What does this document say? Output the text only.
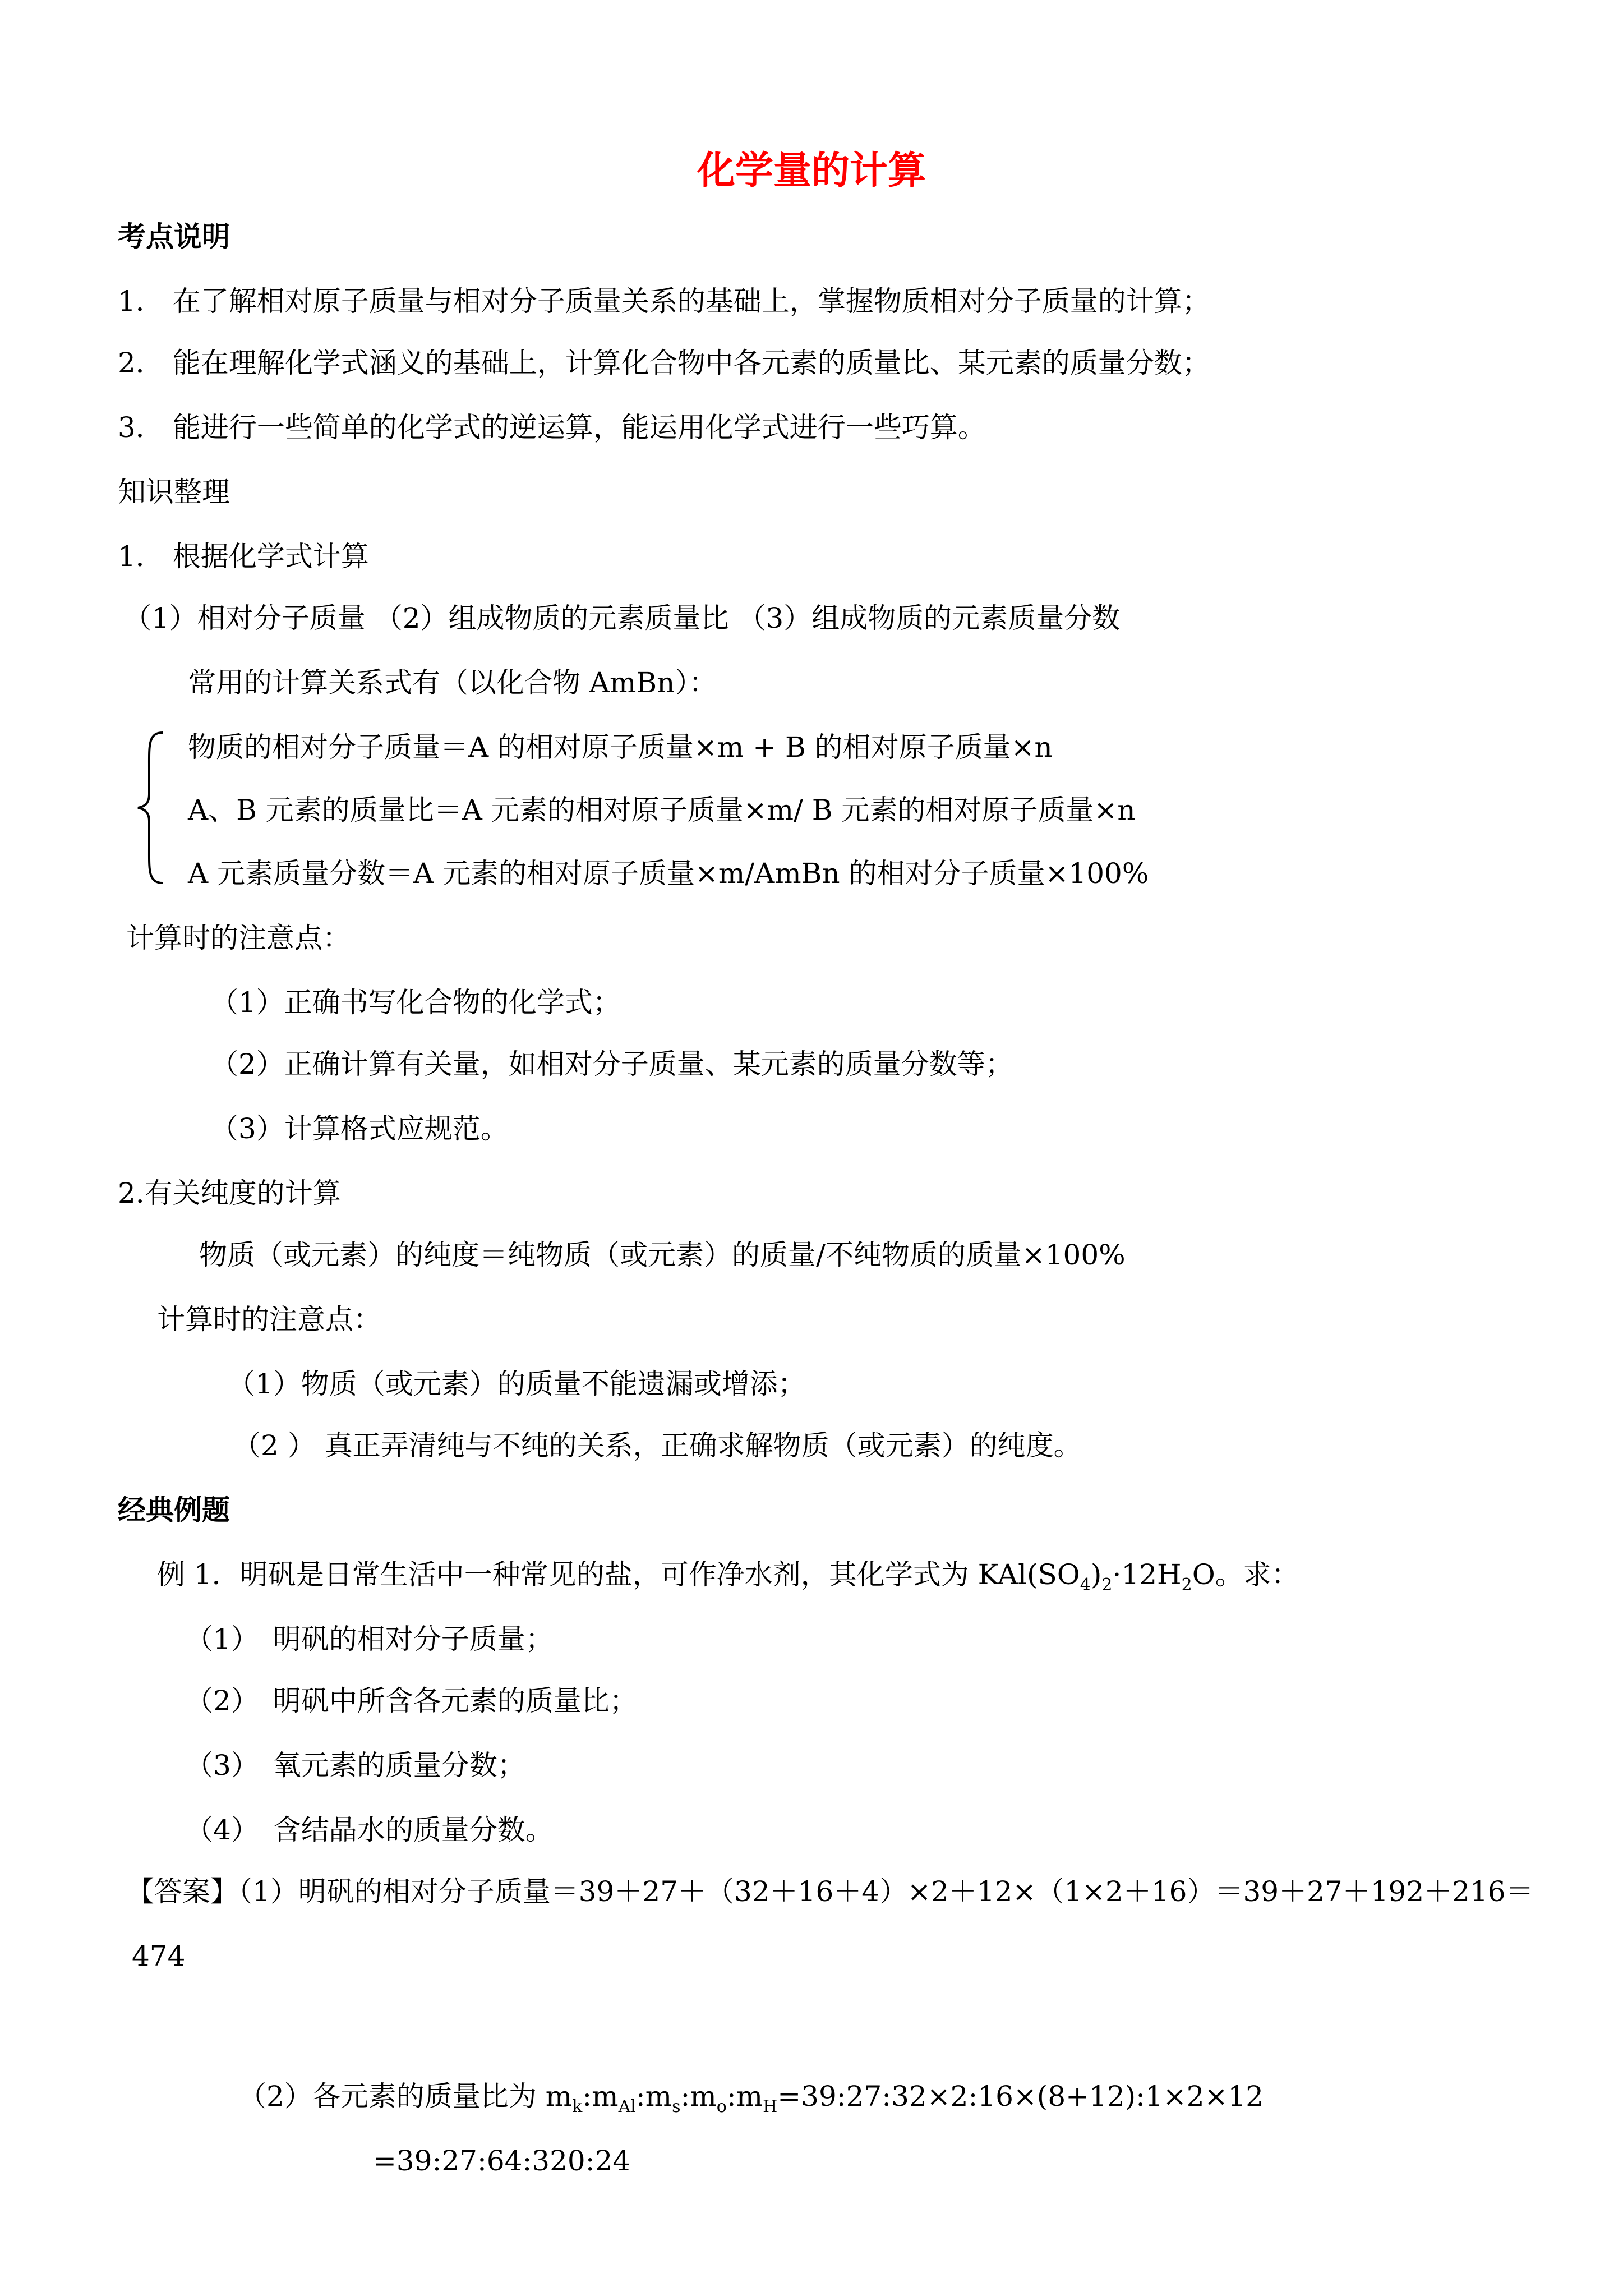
化学量的计算
考点说明
1． 在了解相对原子质量与相对分子质量关系的基础上，掌握物质相对分子质量的计算；
2． 能在理解化学式涵义的基础上，计算化合物中各元素的质量比、某元素的质量分数；
3． 能进行一些简单的化学式的逆运算，能运用化学式进行一些巧算。
知识整理
1． 根据化学式计算
（1）相对分子质量 （2）组成物质的元素质量比 （3）组成物质的元素质量分数
常用的计算关系式有（以化合物 AmBn）：
物质的相对分子质量＝A 的相对原子质量×m + B 的相对原子质量×n
A、B 元素的质量比＝A 元素的相对原子质量×m/ B 元素的相对原子质量×n
A 元素质量分数＝A 元素的相对原子质量×m/AmBn 的相对分子质量×100%
计算时的注意点：
（1）正确书写化合物的化学式；
（2）正确计算有关量，如相对分子质量、某元素的质量分数等；
（3）计算格式应规范。
2.有关纯度的计算
物质（或元素）的纯度＝纯物质（或元素）的质量/不纯物质的质量×100%
计算时的注意点：
（1）物质（或元素）的质量不能遗漏或增添；
（2 ） 真正弄清纯与不纯的关系，正确求解物质（或元素）的纯度。
经典例题
例 1．明矾是日常生活中一种常见的盐，可作净水剂，其化学式为 $KAl(SO_4)_2\cdot 12H_2O$。求：
（1）　明矾的相对分子质量；
（2）　明矾中所含各元素的质量比；
（3）　氧元素的质量分数；
（4）　含结晶水的质量分数。
【答案】（1）明矾的相对分子质量＝39＋27＋（32＋16＋4）×2＋12×（1×2＋16）＝39＋27＋192＋216＝
474
（2）各元素的质量比为 $m_k:m_{Al}:m_s:m_o:m_H=39:27:32\times 2:16\times(8+12):1\times 2\times 12$
=39:27:64:320:24
